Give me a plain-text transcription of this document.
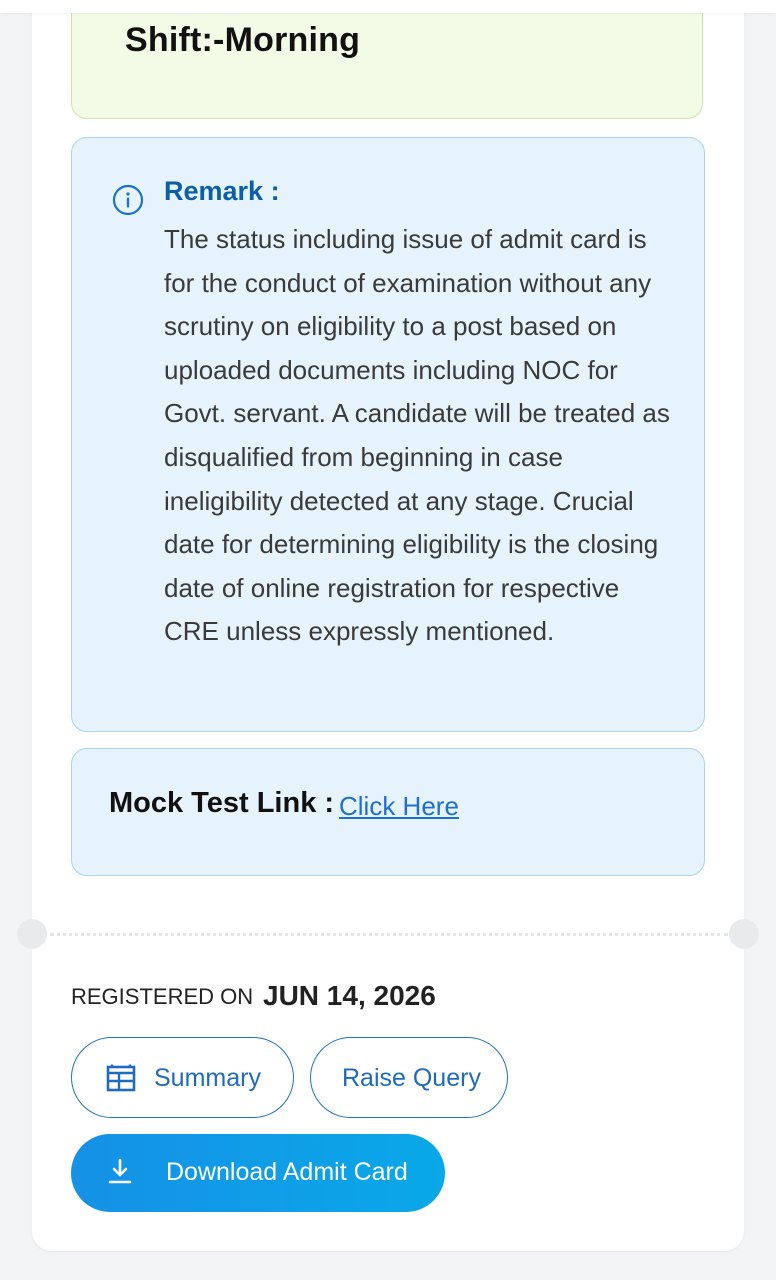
Shift:-Morning
Remark :
The status including issue of admit card is for the conduct of examination without any scrutiny on eligibility to a post based on uploaded documents including NOC for Govt. servant. A candidate will be treated as disqualified from beginning in case ineligibility detected at any stage. Crucial date for determining eligibility is the closing date of online registration for respective CRE unless expressly mentioned.
Mock Test Link : Click Here
REGISTERED ON JUN 14, 2026
Summary	Raise Query
Download Admit Card
